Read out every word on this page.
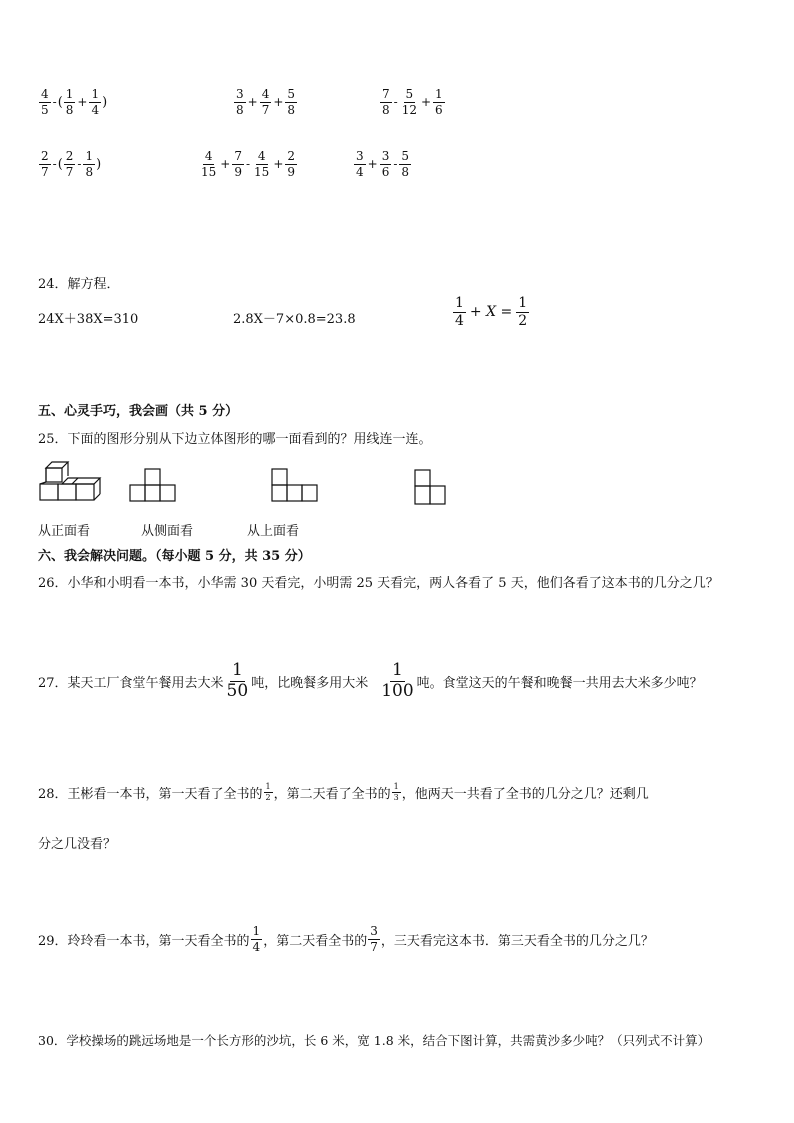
4
5
- (
1
8
+ $\frac{1}{4}$ )
3
8
+ $\frac{4}{7} + \frac{5}{8}$	7
8
-
5
12
+ $\frac{1}{6}$
2
7
- (
2
7
-
1
8 )
4
15
+ $\frac{7}{9}$ -
4
15
+ $\frac{2}{9}$	3
4
+ $\frac{3}{6}$ -
5
8
24．解方程．
24X＋38X=310	2.8X－7×0.8=23.8
1
4
+ $X = \frac{1}{2}$
五、心灵手巧，我会画（共 5 分）
25．下面的图形分别从下边立体图形的哪一面看到的？用线连一连。
从正面看	从侧面看	从上面看
六、我会解决问题。（每小题 5 分，共 35 分）
26．小华和小明看一本书，小华需 30 天看完，小明需 25 天看完，两人各看了 5 天，他们各看了这本书的几分之几？
27．某天工厂食堂午餐用去大米
1
50 吨，比晚餐多用大米
1
100 吨。食堂这天的午餐和晚餐一共用去大米多少吨？
28．王彬看一本书，第一天看了全书的
1
2 ，第二天看了全书的
1
3 ，他两天一共看了全书的几分之几？还剩几
分之几没看？
29．玲玲看一本书，第一天看全书的
1
4 ，第二天看全书的
3
7 ，三天看完这本书．第三天看全书的几分之几？
30．学校操场的跳远场地是一个长方形的沙坑，长 6 米，宽 1.8 米，结合下图计算，共需黄沙多少吨？（只列式不计算）
